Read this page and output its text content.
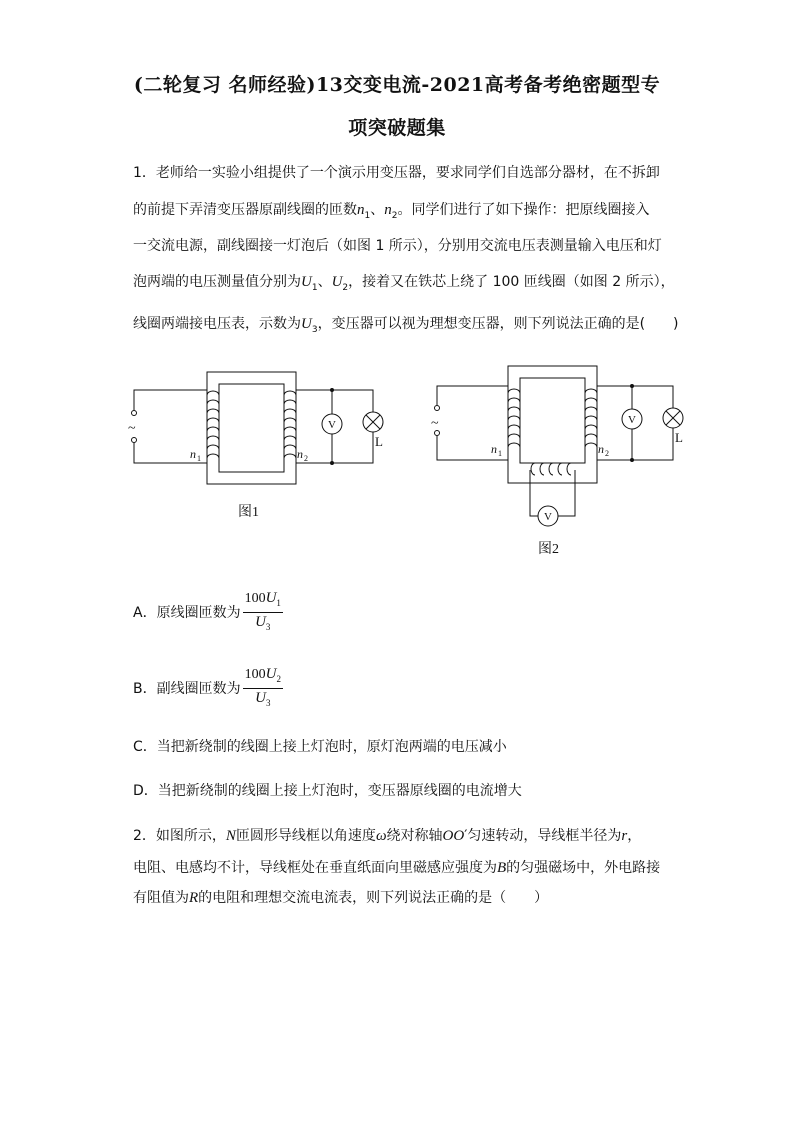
(二轮复习 名师经验)13交变电流-2021高考备考绝密题型专
项突破题集
1．老师给一实验小组提供了一个演示用变压器，要求同学们自选部分器材，在不拆卸
的前提下弄清变压器原副线圈的匝数$n_1$、$n_2$。同学们进行了如下操作：把原线圈接入
一交流电源，副线圈接一灯泡后（如图 1 所示），分别用交流电压表测量输入电压和灯
泡两端的电压测量值分别为$U_1$、$U_2$，接着又在铁芯上绕了 100 匝线圈（如图 2 所示），
线圈两端接电压表，示数为$U_3$，变压器可以视为理想变压器，则下列说法正确的是(　　)
~
n 1	n 2
V
L
~
n 1	n 2
V
L
V
图1
图2
A．原线圈匝数为 $\frac{100U_1}{U_3}$
B．副线圈匝数为 $\frac{100U_2}{U_3}$
C．当把新绕制的线圈上接上灯泡时，原灯泡两端的电压减小
D．当把新绕制的线圈上接上灯泡时，变压器原线圈的电流增大
2．如图所示，N匝圆形导线框以角速度ω绕对称轴OO′匀速转动，导线框半径为r，
电阻、电感均不计，导线框处在垂直纸面向里磁感应强度为B的匀强磁场中，外电路接
有阻值为R的电阻和理想交流电流表，则下列说法正确的是（　　）
